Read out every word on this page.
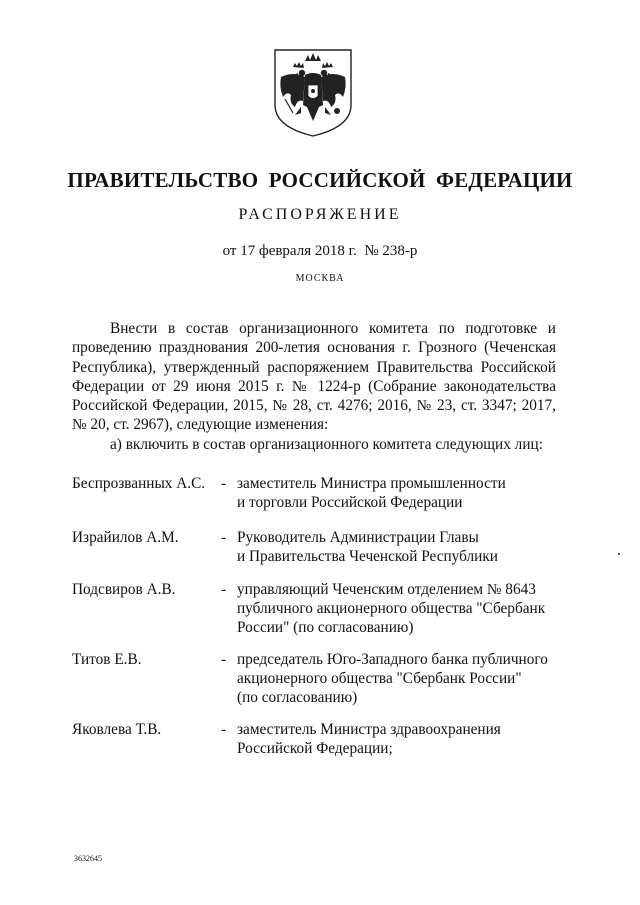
ПРАВИТЕЛЬСТВО РОССИЙСКОЙ ФЕДЕРАЦИИ
РАСПОРЯЖЕНИЕ
от 17 февраля 2018 г. № 238-р
МОСКВА

Внести в состав организационного комитета по подготовке и проведению празднования 200-летия основания г. Грозного (Чеченская Республика), утвержденный распоряжением Правительства Российской Федерации от 29 июня 2015 г. № 1224-р (Собрание законодательства Российской Федерации, 2015, № 28, ст. 4276; 2016, № 23, ст. 3347; 2017, № 20, ст. 2967), следующие изменения:

а) включить в состав организационного комитета следующих лиц:

Беспрозванных А.С. - заместитель Министра промышленности
и торговли Российской Федерации
Израйилов А.М.	- Руководитель Администрации Главы
и Правительства Чеченской Республики
Подсвиров А.В.	- управляющий Чеченским отделением № 8643
публичного акционерного общества "Сбербанк
России" (по согласованию)
Титов Е.В.	- председатель Юго-Западного банка публичного
акционерного общества "Сбербанк России"
(по согласованию)
Яковлева Т.В.	- заместитель Министра здравоохранения
Российской Федерации;
3632645
